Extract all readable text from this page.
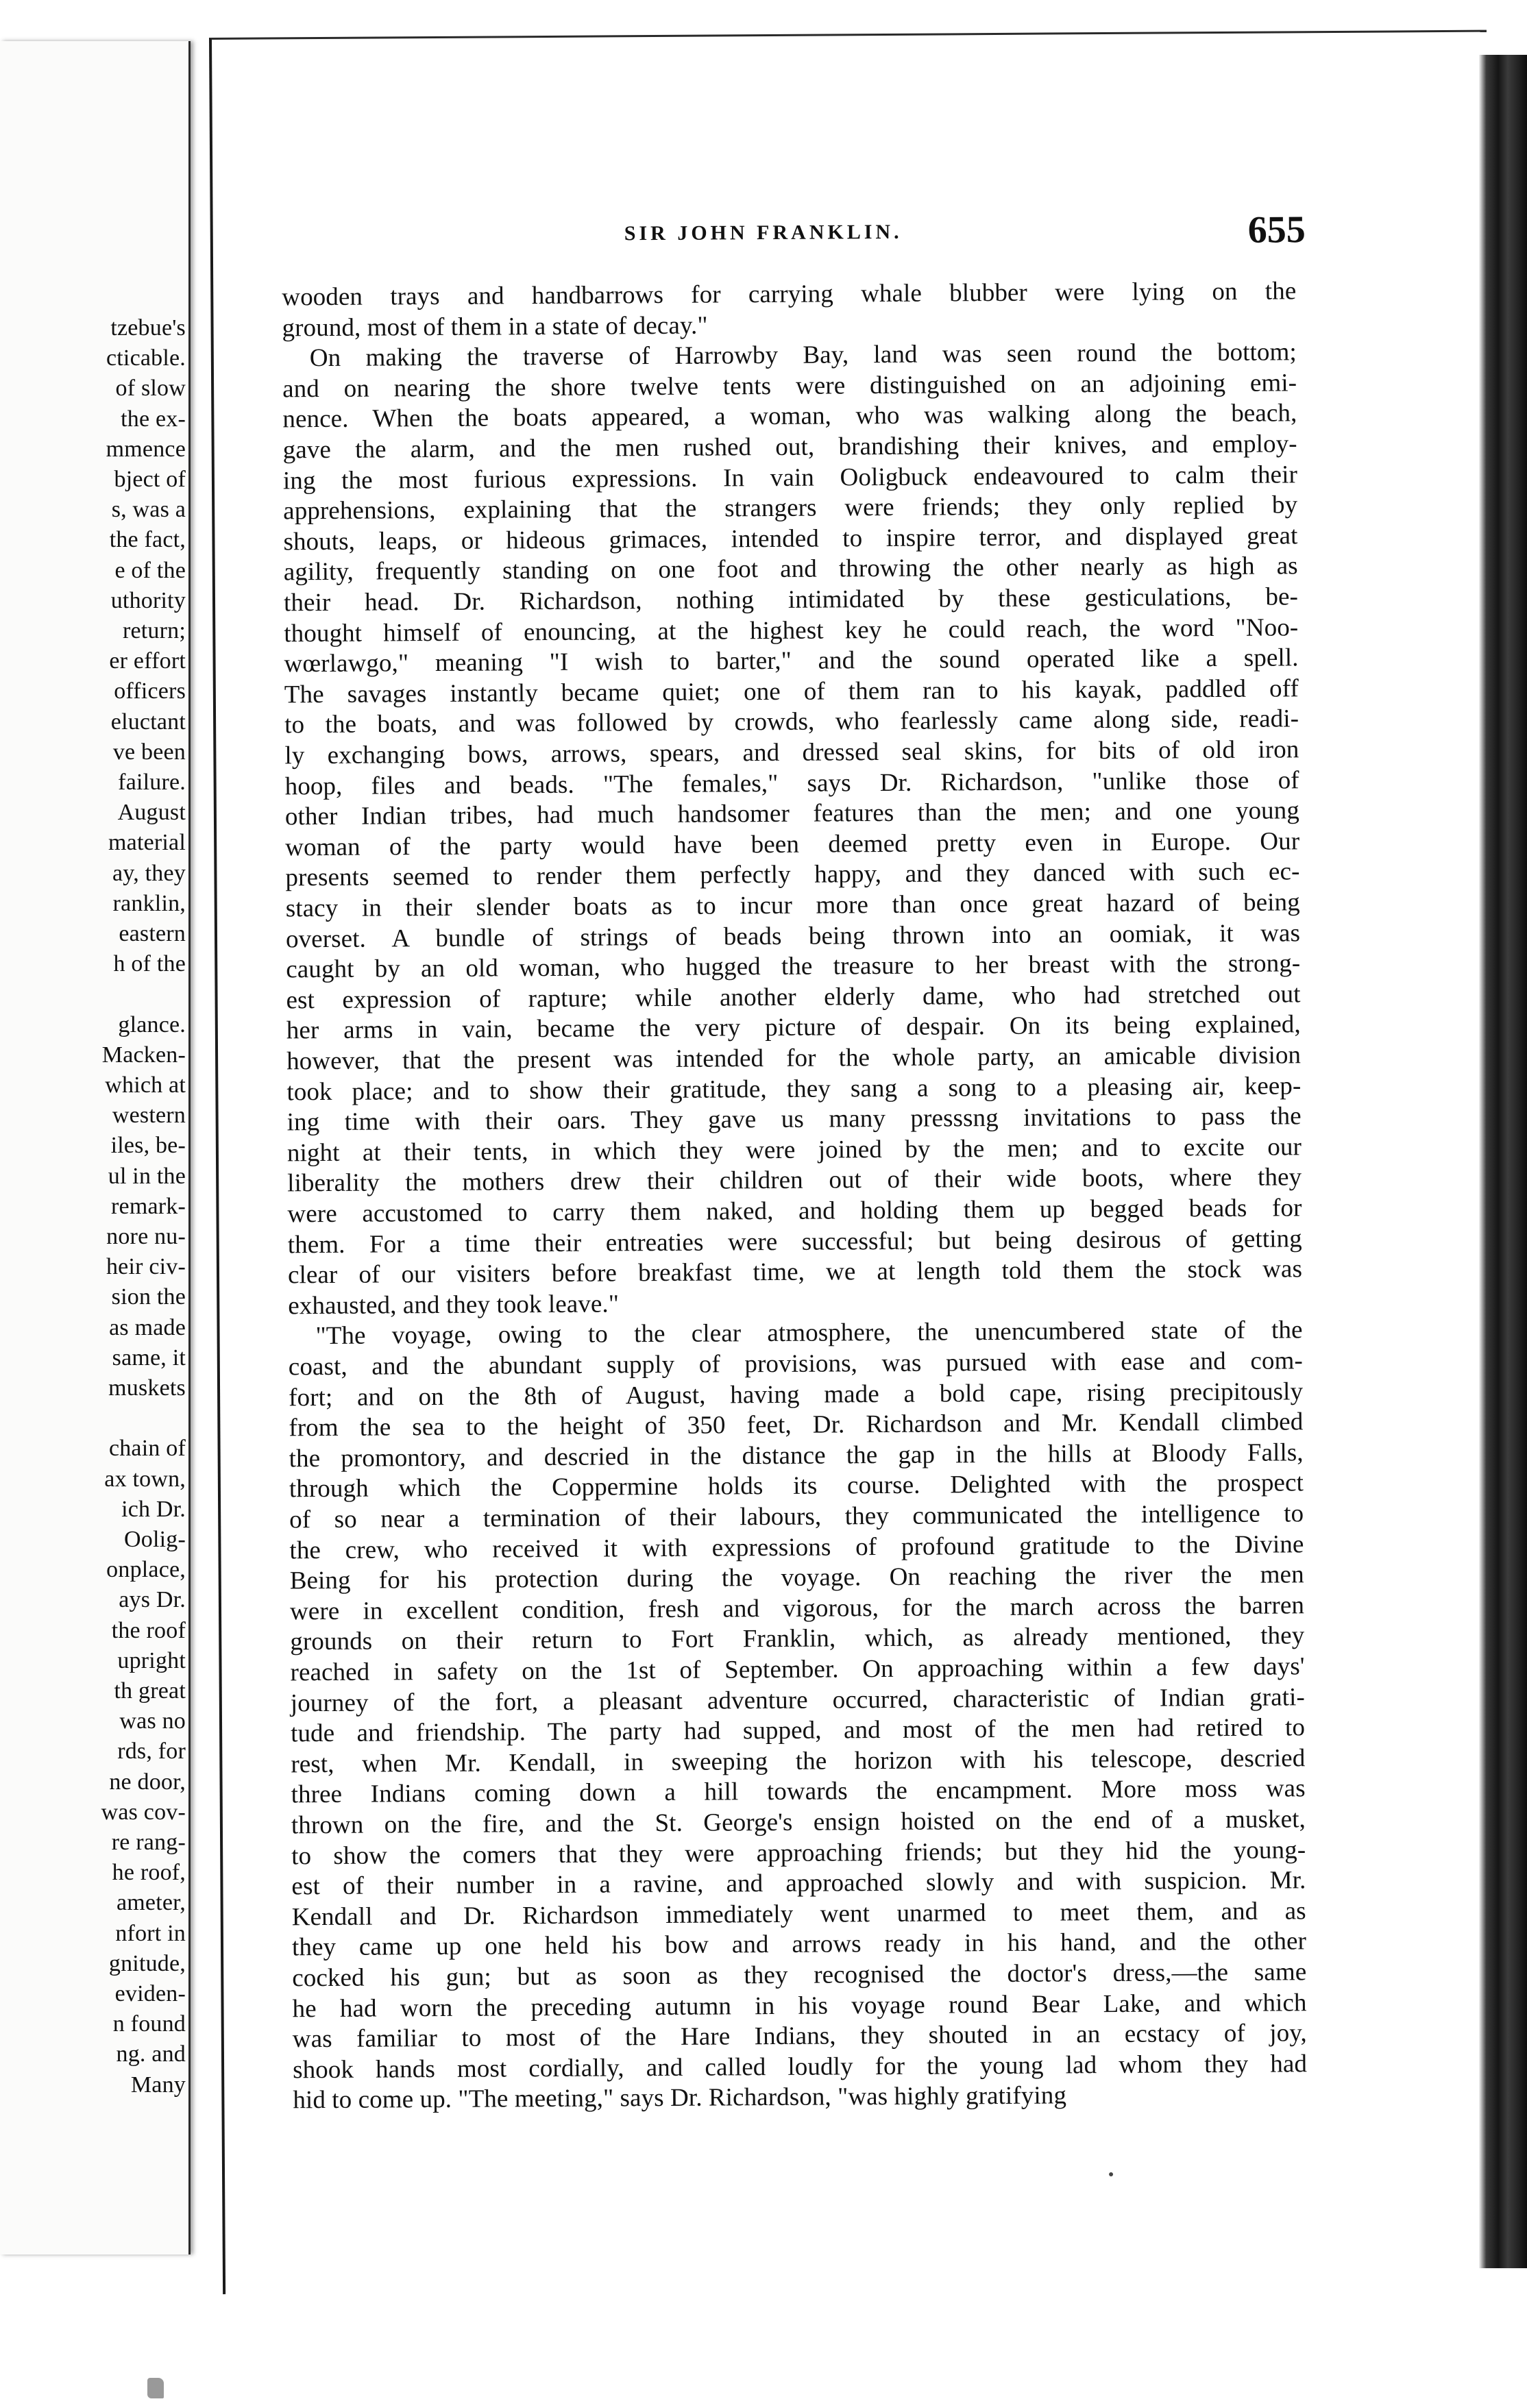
tzebue's
cticable.
of slow
the ex-
mmence
bject of
s, was a
the fact,
e of the
uthority
return;
er effort
officers
eluctant
ve been
failure.
August
material
ay, they
ranklin,
eastern
h of the
glance.
Macken-
which at
western
iles, be-
ul in the
remark-
nore nu-
heir civ-
sion the
as made
same, it
muskets
chain of
ax town,
ich Dr.
Oolig-
onplace,
ays Dr.
the roof
upright
th great
was no
rds, for
ne door,
was cov-
re rang-
he roof,
ameter,
nfort in
gnitude,
eviden-
n found
ng. and
Many
SIR JOHN FRANKLIN.	655
wooden trays and handbarrows for carrying whale blubber were lying on the
ground, most of them in a state of decay."
On making the traverse of Harrowby Bay, land was seen round the bottom;
and on nearing the shore twelve tents were distinguished on an adjoining emi-
nence. When the boats appeared, a woman, who was walking along the beach,
gave the alarm, and the men rushed out, brandishing their knives, and employ-
ing the most furious expressions. In vain Ooligbuck endeavoured to calm their
apprehensions, explaining that the strangers were friends; they only replied by
shouts, leaps, or hideous grimaces, intended to inspire terror, and displayed great
agility, frequently standing on one foot and throwing the other nearly as high as
their head. Dr. Richardson, nothing intimidated by these gesticulations, be-
thought himself of enouncing, at the highest key he could reach, the word "Noo-
wœrlawgo," meaning "I wish to barter," and the sound operated like a spell.
The savages instantly became quiet; one of them ran to his kayak, paddled off
to the boats, and was followed by crowds, who fearlessly came along side, readi-
ly exchanging bows, arrows, spears, and dressed seal skins, for bits of old iron
hoop, files and beads. "The females," says Dr. Richardson, "unlike those of
other Indian tribes, had much handsomer features than the men; and one young
woman of the party would have been deemed pretty even in Europe. Our
presents seemed to render them perfectly happy, and they danced with such ec-
stacy in their slender boats as to incur more than once great hazard of being
overset. A bundle of strings of beads being thrown into an oomiak, it was
caught by an old woman, who hugged the treasure to her breast with the strong-
est expression of rapture; while another elderly dame, who had stretched out
her arms in vain, became the very picture of despair. On its being explained,
however, that the present was intended for the whole party, an amicable division
took place; and to show their gratitude, they sang a song to a pleasing air, keep-
ing time with their oars. They gave us many presssng invitations to pass the
night at their tents, in which they were joined by the men; and to excite our
liberality the mothers drew their children out of their wide boots, where they
were accustomed to carry them naked, and holding them up begged beads for
them. For a time their entreaties were successful; but being desirous of getting
clear of our visiters before breakfast time, we at length told them the stock was
exhausted, and they took leave."
"The voyage, owing to the clear atmosphere, the unencumbered state of the
coast, and the abundant supply of provisions, was pursued with ease and com-
fort; and on the 8th of August, having made a bold cape, rising precipitously
from the sea to the height of 350 feet, Dr. Richardson and Mr. Kendall climbed
the promontory, and descried in the distance the gap in the hills at Bloody Falls,
through which the Coppermine holds its course. Delighted with the prospect
of so near a termination of their labours, they communicated the intelligence to
the crew, who received it with expressions of profound gratitude to the Divine
Being for his protection during the voyage. On reaching the river the men
were in excellent condition, fresh and vigorous, for the march across the barren
grounds on their return to Fort Franklin, which, as already mentioned, they
reached in safety on the 1st of September. On approaching within a few days'
journey of the fort, a pleasant adventure occurred, characteristic of Indian grati-
tude and friendship. The party had supped, and most of the men had retired to
rest, when Mr. Kendall, in sweeping the horizon with his telescope, descried
three Indians coming down a hill towards the encampment. More moss was
thrown on the fire, and the St. George's ensign hoisted on the end of a musket,
to show the comers that they were approaching friends; but they hid the young-
est of their number in a ravine, and approached slowly and with suspicion. Mr.
Kendall and Dr. Richardson immediately went unarmed to meet them, and as
they came up one held his bow and arrows ready in his hand, and the other
cocked his gun; but as soon as they recognised the doctor's dress,—the same
he had worn the preceding autumn in his voyage round Bear Lake, and which
was familiar to most of the Hare Indians, they shouted in an ecstacy of joy,
shook hands most cordially, and called loudly for the young lad whom they had
hid to come up. "The meeting," says Dr. Richardson, "was highly gratifying
